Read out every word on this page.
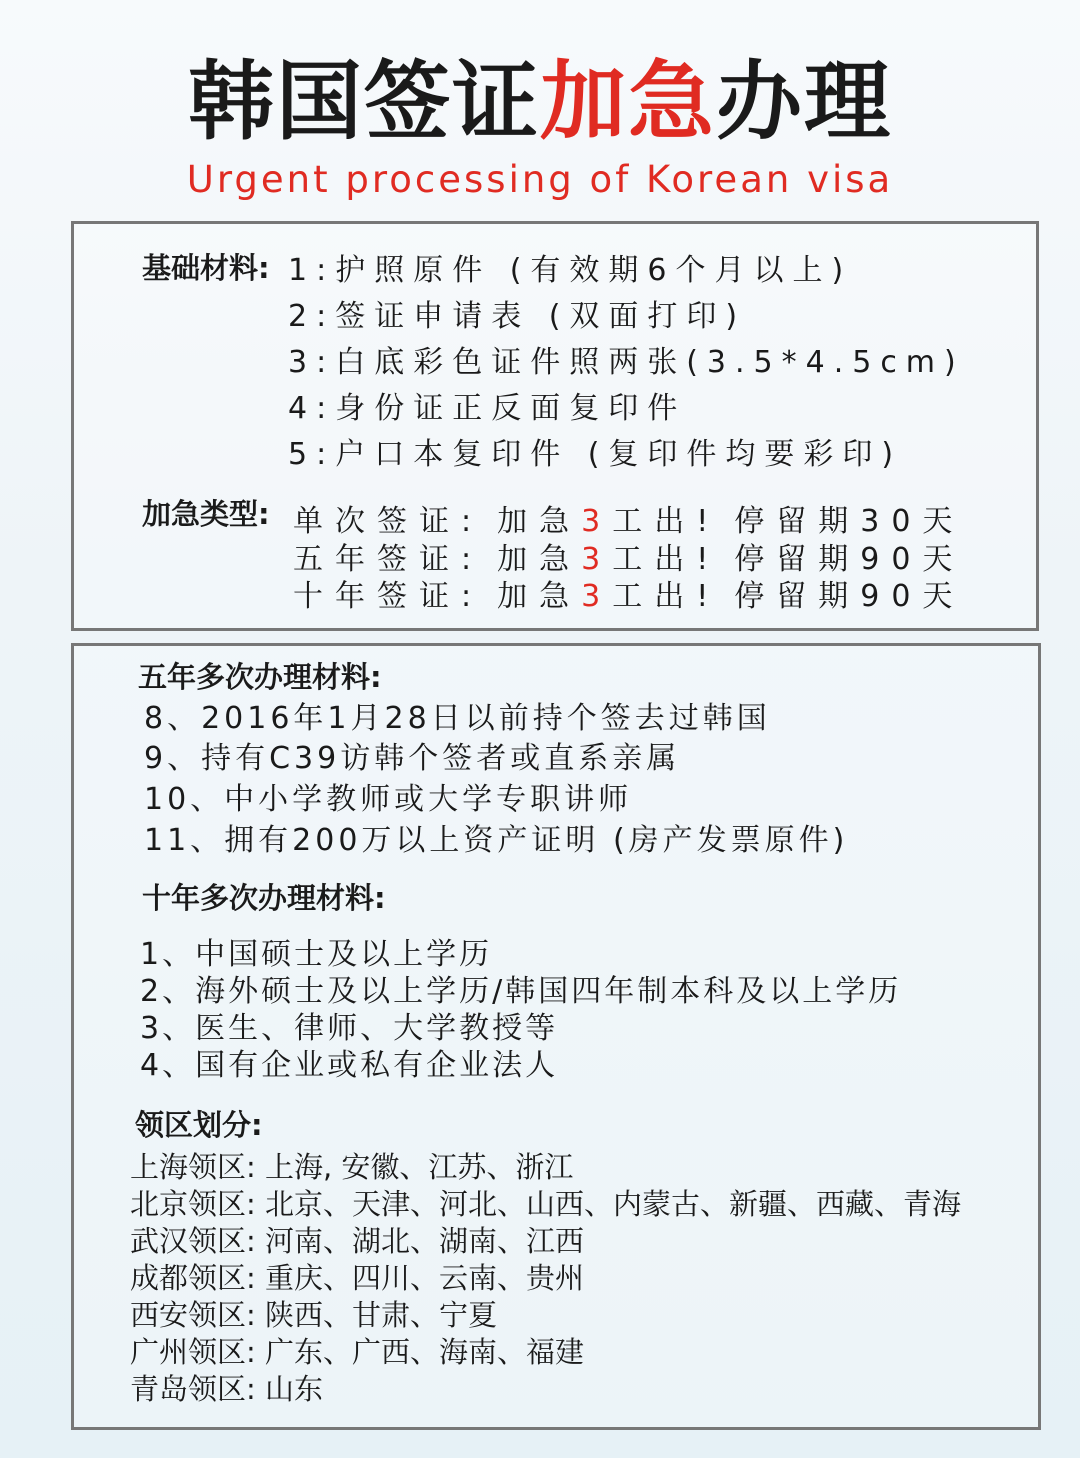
韩国签证加急办理
Urgent processing of Korean visa
基础材料: 1:护照原件 (有效期6个月以上)
2:签证申请表 (双面打印)
3:白底彩色证件照两张(3.5*4.5cm)
4:身份证正反面复印件
5:户口本复印件 (复印件均要彩印)
加急类型: 单次签证: 加急3工出! 停留期30天
五年签证: 加急3工出! 停留期90天
十年签证: 加急3工出! 停留期90天
五年多次办理材料:
8、2016年1月28日以前持个签去过韩国
9、持有C39访韩个签者或直系亲属
10、中小学教师或大学专职讲师
11、拥有200万以上资产证明 (房产发票原件)
十年多次办理材料:
1、中国硕士及以上学历
2、海外硕士及以上学历/韩国四年制本科及以上学历
3、医生、律师、大学教授等
4、国有企业或私有企业法人
领区划分:
上海领区: 上海, 安徽、江苏、浙江
北京领区: 北京、天津、河北、山西、内蒙古、新疆、西藏、青海
武汉领区: 河南、湖北、湖南、江西
成都领区: 重庆、四川、云南、贵州
西安领区: 陕西、甘肃、宁夏
广州领区: 广东、广西、海南、福建
青岛领区: 山东
